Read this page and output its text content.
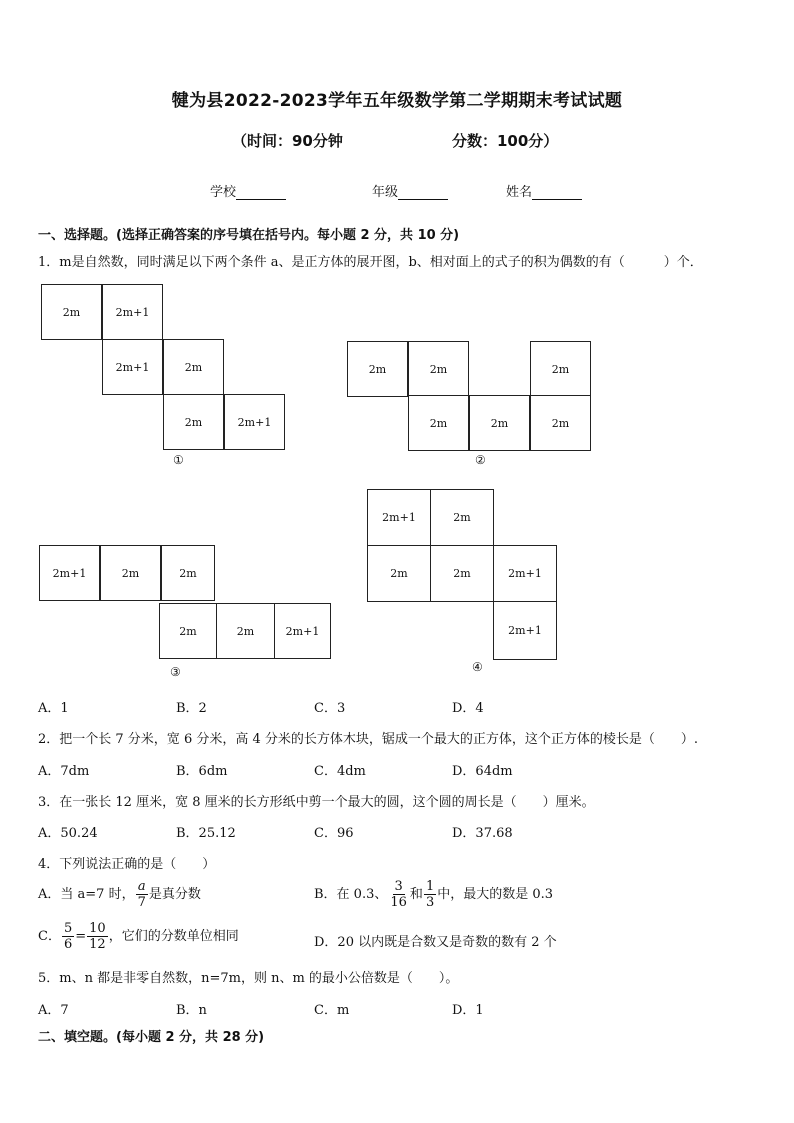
犍为县2022-2023学年五年级数学第二学期期末考试试题
（时间：90分钟	分数：100分）
学校	年级	姓名
一、选择题。(选择正确答案的序号填在括号内。每小题 2 分，共 10 分)
1．m是自然数，同时满足以下两个条件 a、是正方体的展开图，b、相对面上的式子的积为偶数的有（　　　）个．
2m	2m+1
2m+1	2m
2m	2m+1
①
2m	2m	2m
2m	2m	2m
②
2m+1	2m	2m
2m	2m	2m+1
③
2m+1	2m
2m	2m	2m+1
2m+1
④
A．1	B．2	C．3	D．4
2．把一个长 7 分米，宽 6 分米，高 4 分米的长方体木块，锯成一个最大的正方体，这个正方体的棱长是（　　）.
A．7dm	B．6dm	C．4dm	D．64dm
3．在一张长 12 厘米，宽 8 厘米的长方形纸中剪一个最大的圆，这个圆的周长是（　　）厘米。
A．50.24	B．25.12	C．96	D．37.68
4．下列说法正确的是（　　）
A．当 a=7 时， $\frac{a}{7}$ 是真分数	B．在 0.3、 $\frac{3}{16}$ 和 $\frac{1}{3}$ 中，最大的数是 0.3
C． $\frac{5}{6} = \frac{10}{12}$ ，它们的分数单位相同	D．20 以内既是合数又是奇数的数有 2 个
5．m、n 都是非零自然数，n=7m，则 n、m 的最小公倍数是（　　）。
A．7	B．n	C．m	D．1
二、填空题。(每小题 2 分，共 28 分)
